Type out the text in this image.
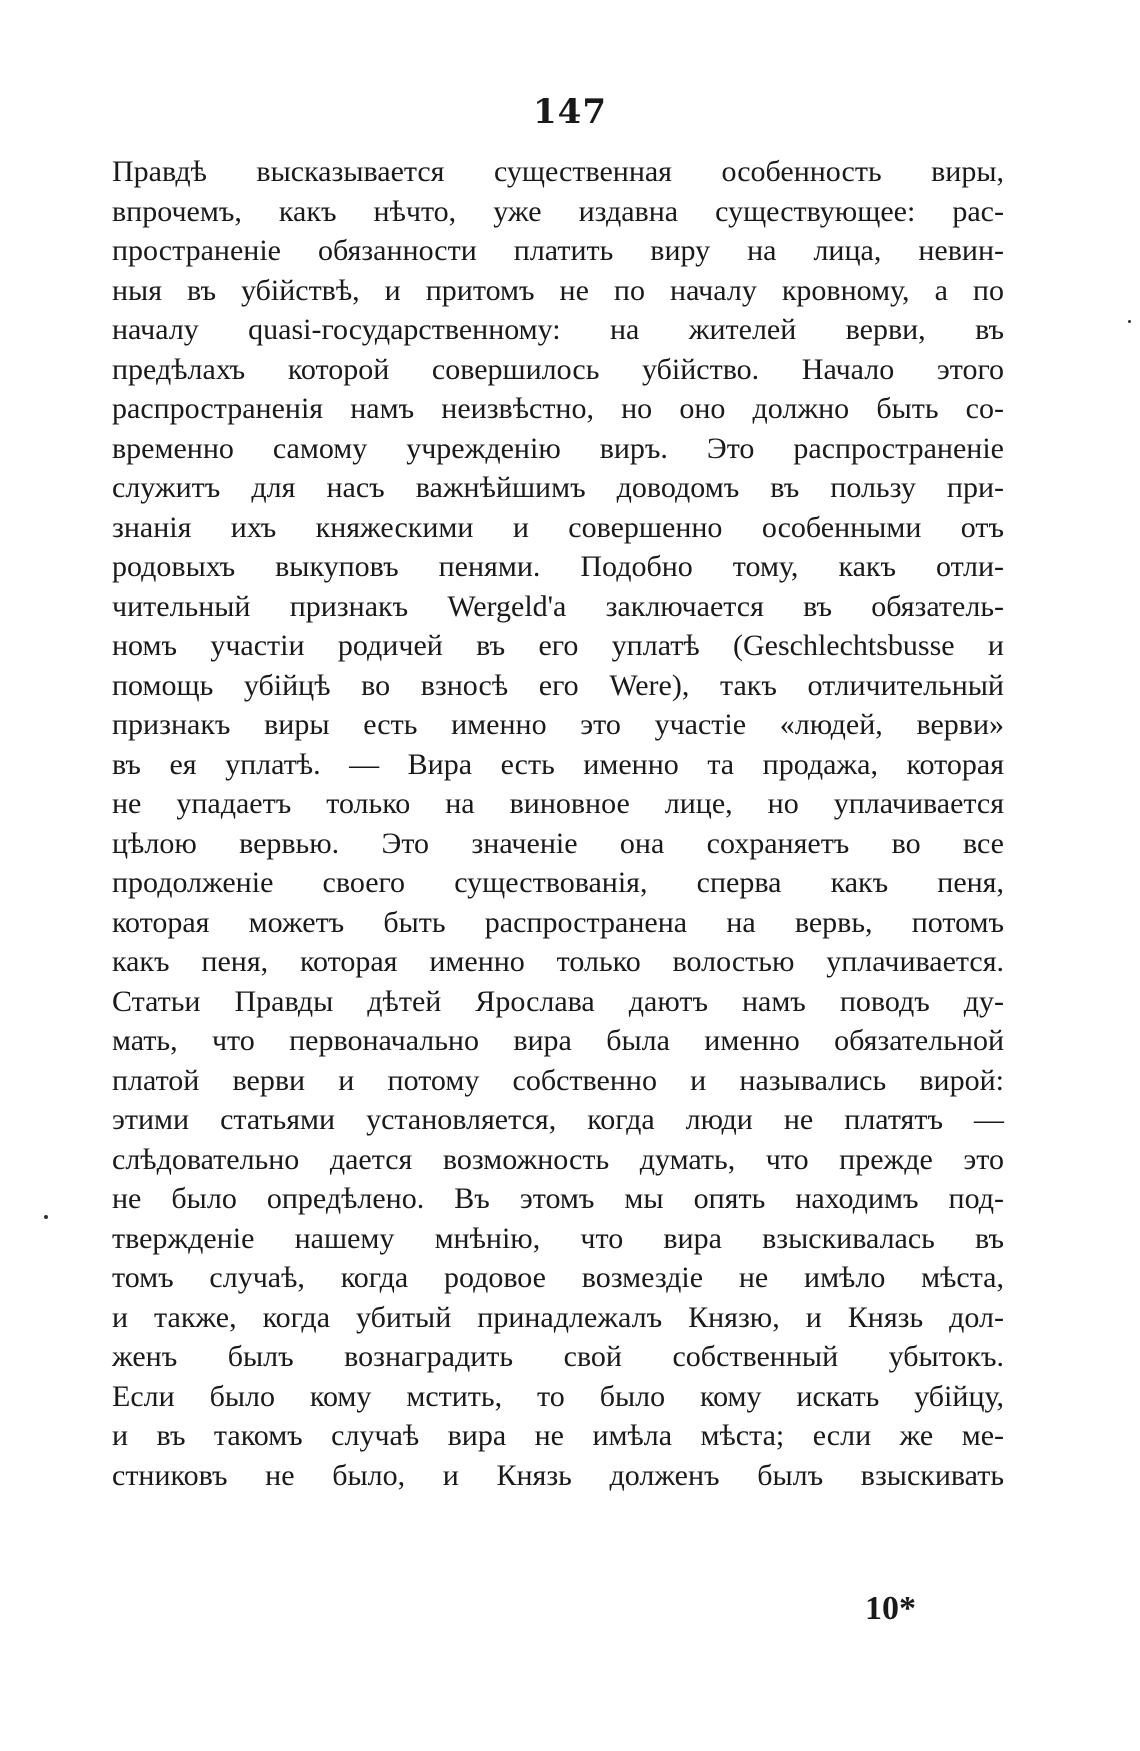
147
Правдѣ высказывается существенная особенность виры,
впрочемъ, какъ нѣчто, уже издавна существующее: рас-
пространеніе обязанности платить виру на лица, невин-
ныя въ убійствѣ, и притомъ не по началу кровному, а по
началу quasi-государственному: на жителей верви, въ
предѣлахъ которой совершилось убійство. Начало этого
распространенія намъ неизвѣстно, но оно должно быть со-
временно самому учрежденію виръ. Это распространеніе
служитъ для насъ важнѣйшимъ доводомъ въ пользу при-
знанія ихъ княжескими и совершенно особенными отъ
родовыхъ выкуповъ пенями. Подобно тому, какъ отли-
чительный признакъ Wergeld'а заключается въ обязатель-
номъ участіи родичей въ его уплатѣ (Geschlechtsbusse и
помощь убійцѣ во взносѣ его Were), такъ отличительный
признакъ виры есть именно это участіе «людей, верви»
въ ея уплатѣ. — Вира есть именно та продажа, которая
не упадаетъ только на виновное лице, но уплачивается
цѣлою вервью. Это значеніе она сохраняетъ во все
продолженіе своего существованія, сперва какъ пеня,
которая можетъ быть распространена на вервь, потомъ
какъ пеня, которая именно только волостью уплачивается.
Статьи Правды дѣтей Ярослава даютъ намъ поводъ ду-
мать, что первоначально вира была именно обязательной
платой верви и потому собственно и назывались вирой:
этими статьями установляется, когда люди не платятъ —
слѣдовательно дается возможность думать, что прежде это
не было опредѣлено. Въ этомъ мы опять находимъ под-
твержденіе нашему мнѣнію, что вира взыскивалась въ
томъ случаѣ, когда родовое возмездіе не имѣло мѣста,
и также, когда убитый принадлежалъ Князю, и Князь дол-
женъ былъ вознаградить свой собственный убытокъ.
Если было кому мстить, то было кому искать убійцу,
и въ такомъ случаѣ вира не имѣла мѣста; если же ме-
стниковъ не было, и Князь долженъ былъ взыскивать
10*
